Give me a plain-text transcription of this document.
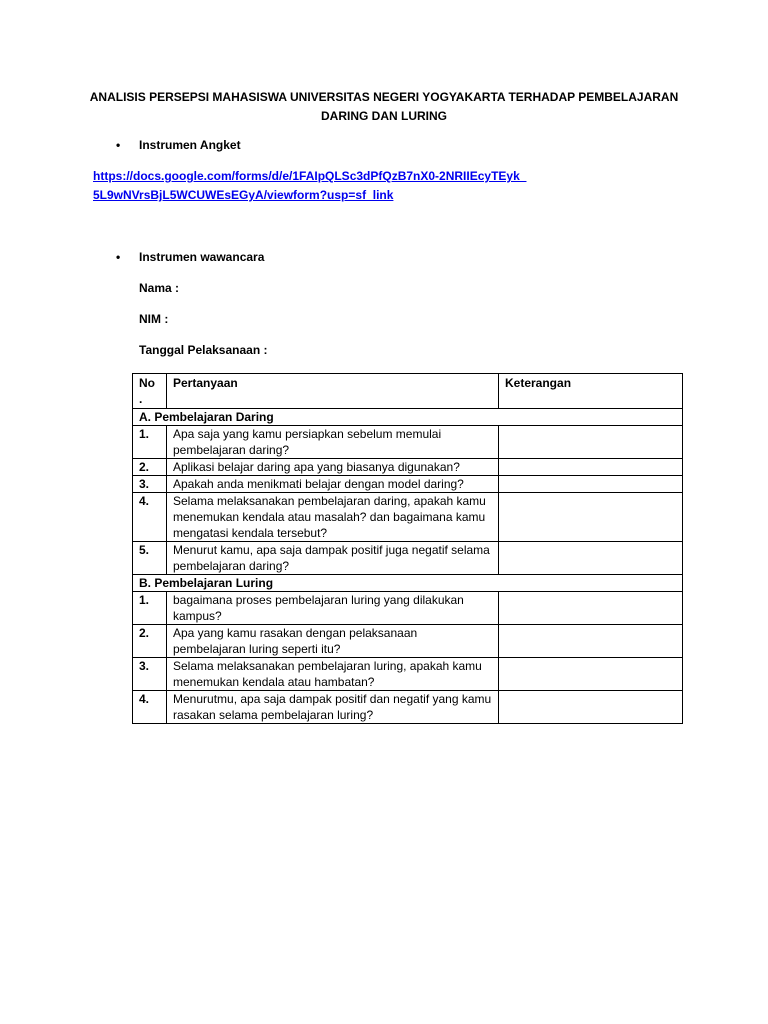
ANALISIS PERSEPSI MAHASISWA UNIVERSITAS NEGERI YOGYAKARTA TERHADAP PEMBELAJARAN DARING DAN LURING
• Instrumen Angket
https://docs.google.com/forms/d/e/1FAIpQLSc3dPfQzB7nX0-2NRIIEcyTEyk_5L9wNVrsBjL5WCUWEsEGyA/viewform?usp=sf_link
• Instrumen wawancara
Nama :
NIM :
Tanggal Pelaksanaan :
No .	Pertanyaan	Keterangan
A. Pembelajaran Daring		
1.	Apa saja yang kamu persiapkan sebelum memulai pembelajaran daring?	
2.	Aplikasi belajar daring apa yang biasanya digunakan?	
3.	Apakah anda menikmati belajar dengan model daring?	
4.	Selama melaksanakan pembelajaran daring, apakah kamu menemukan kendala atau masalah? dan bagaimana kamu mengatasi kendala tersebut?	
5.	Menurut kamu, apa saja dampak positif juga negatif selama pembelajaran daring?	
B. Pembelajaran Luring		
1.	bagaimana proses pembelajaran luring yang dilakukan kampus?	
2.	Apa yang kamu rasakan dengan pelaksanaan pembelajaran luring seperti itu?	
3.	Selama melaksanakan pembelajaran luring, apakah kamu menemukan kendala atau hambatan?	
4.	Menurutmu, apa saja dampak positif dan negatif yang kamu rasakan selama pembelajaran luring?	
